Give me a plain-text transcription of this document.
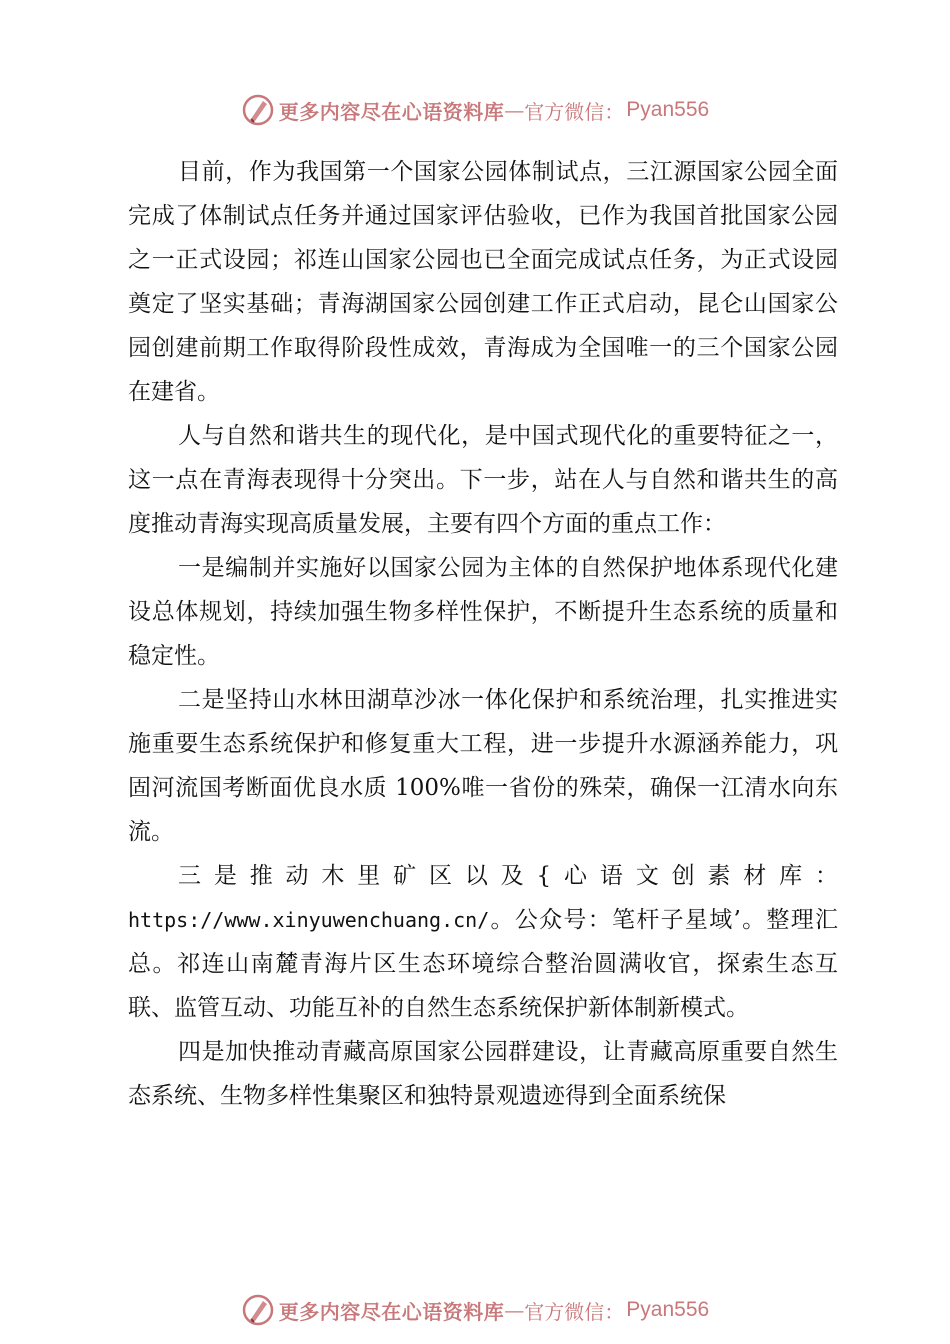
更多内容尽在心语资料库 — 官方微信： Pyan556

目前，作为我国第一个国家公园体制试点，三江源国家公园全面完成了体制试点任务并通过国家评估验收，已作为我国首批国家公园之一正式设园；祁连山国家公园也已全面完成试点任务，为正式设园奠定了坚实基础；青海湖国家公园创建工作正式启动，昆仑山国家公园创建前期工作取得阶段性成效，青海成为全国唯一的三个国家公园在建省。

人与自然和谐共生的现代化，是中国式现代化的重要特征之一，这一点在青海表现得十分突出。下一步，站在人与自然和谐共生的高度推动青海实现高质量发展，主要有四个方面的重点工作：

一是编制并实施好以国家公园为主体的自然保护地体系现代化建设总体规划，持续加强生物多样性保护，不断提升生态系统的质量和稳定性。

二是坚持山水林田湖草沙冰一体化保护和系统治理，扎实推进实施重要生态系统保护和修复重大工程，进一步提升水源涵养能力，巩固河流国考断面优良水质 100%唯一省份的殊荣，确保一江清水向东流。

三是推动木里矿区以及{心语文创素材库：https://www.xinyuwenchuang.cn/。公众号：笔杆子星域’。整理汇总。祁连山南麓青海片区生态环境综合整治圆满收官，探索生态互联、监管互动、功能互补的自然生态系统保护新体制新模式。

四是加快推动青藏高原国家公园群建设，让青藏高原重要自然生态系统、生物多样性集聚区和独特景观遗迹得到全面系统保

更多内容尽在心语资料库 — 官方微信： Pyan556
